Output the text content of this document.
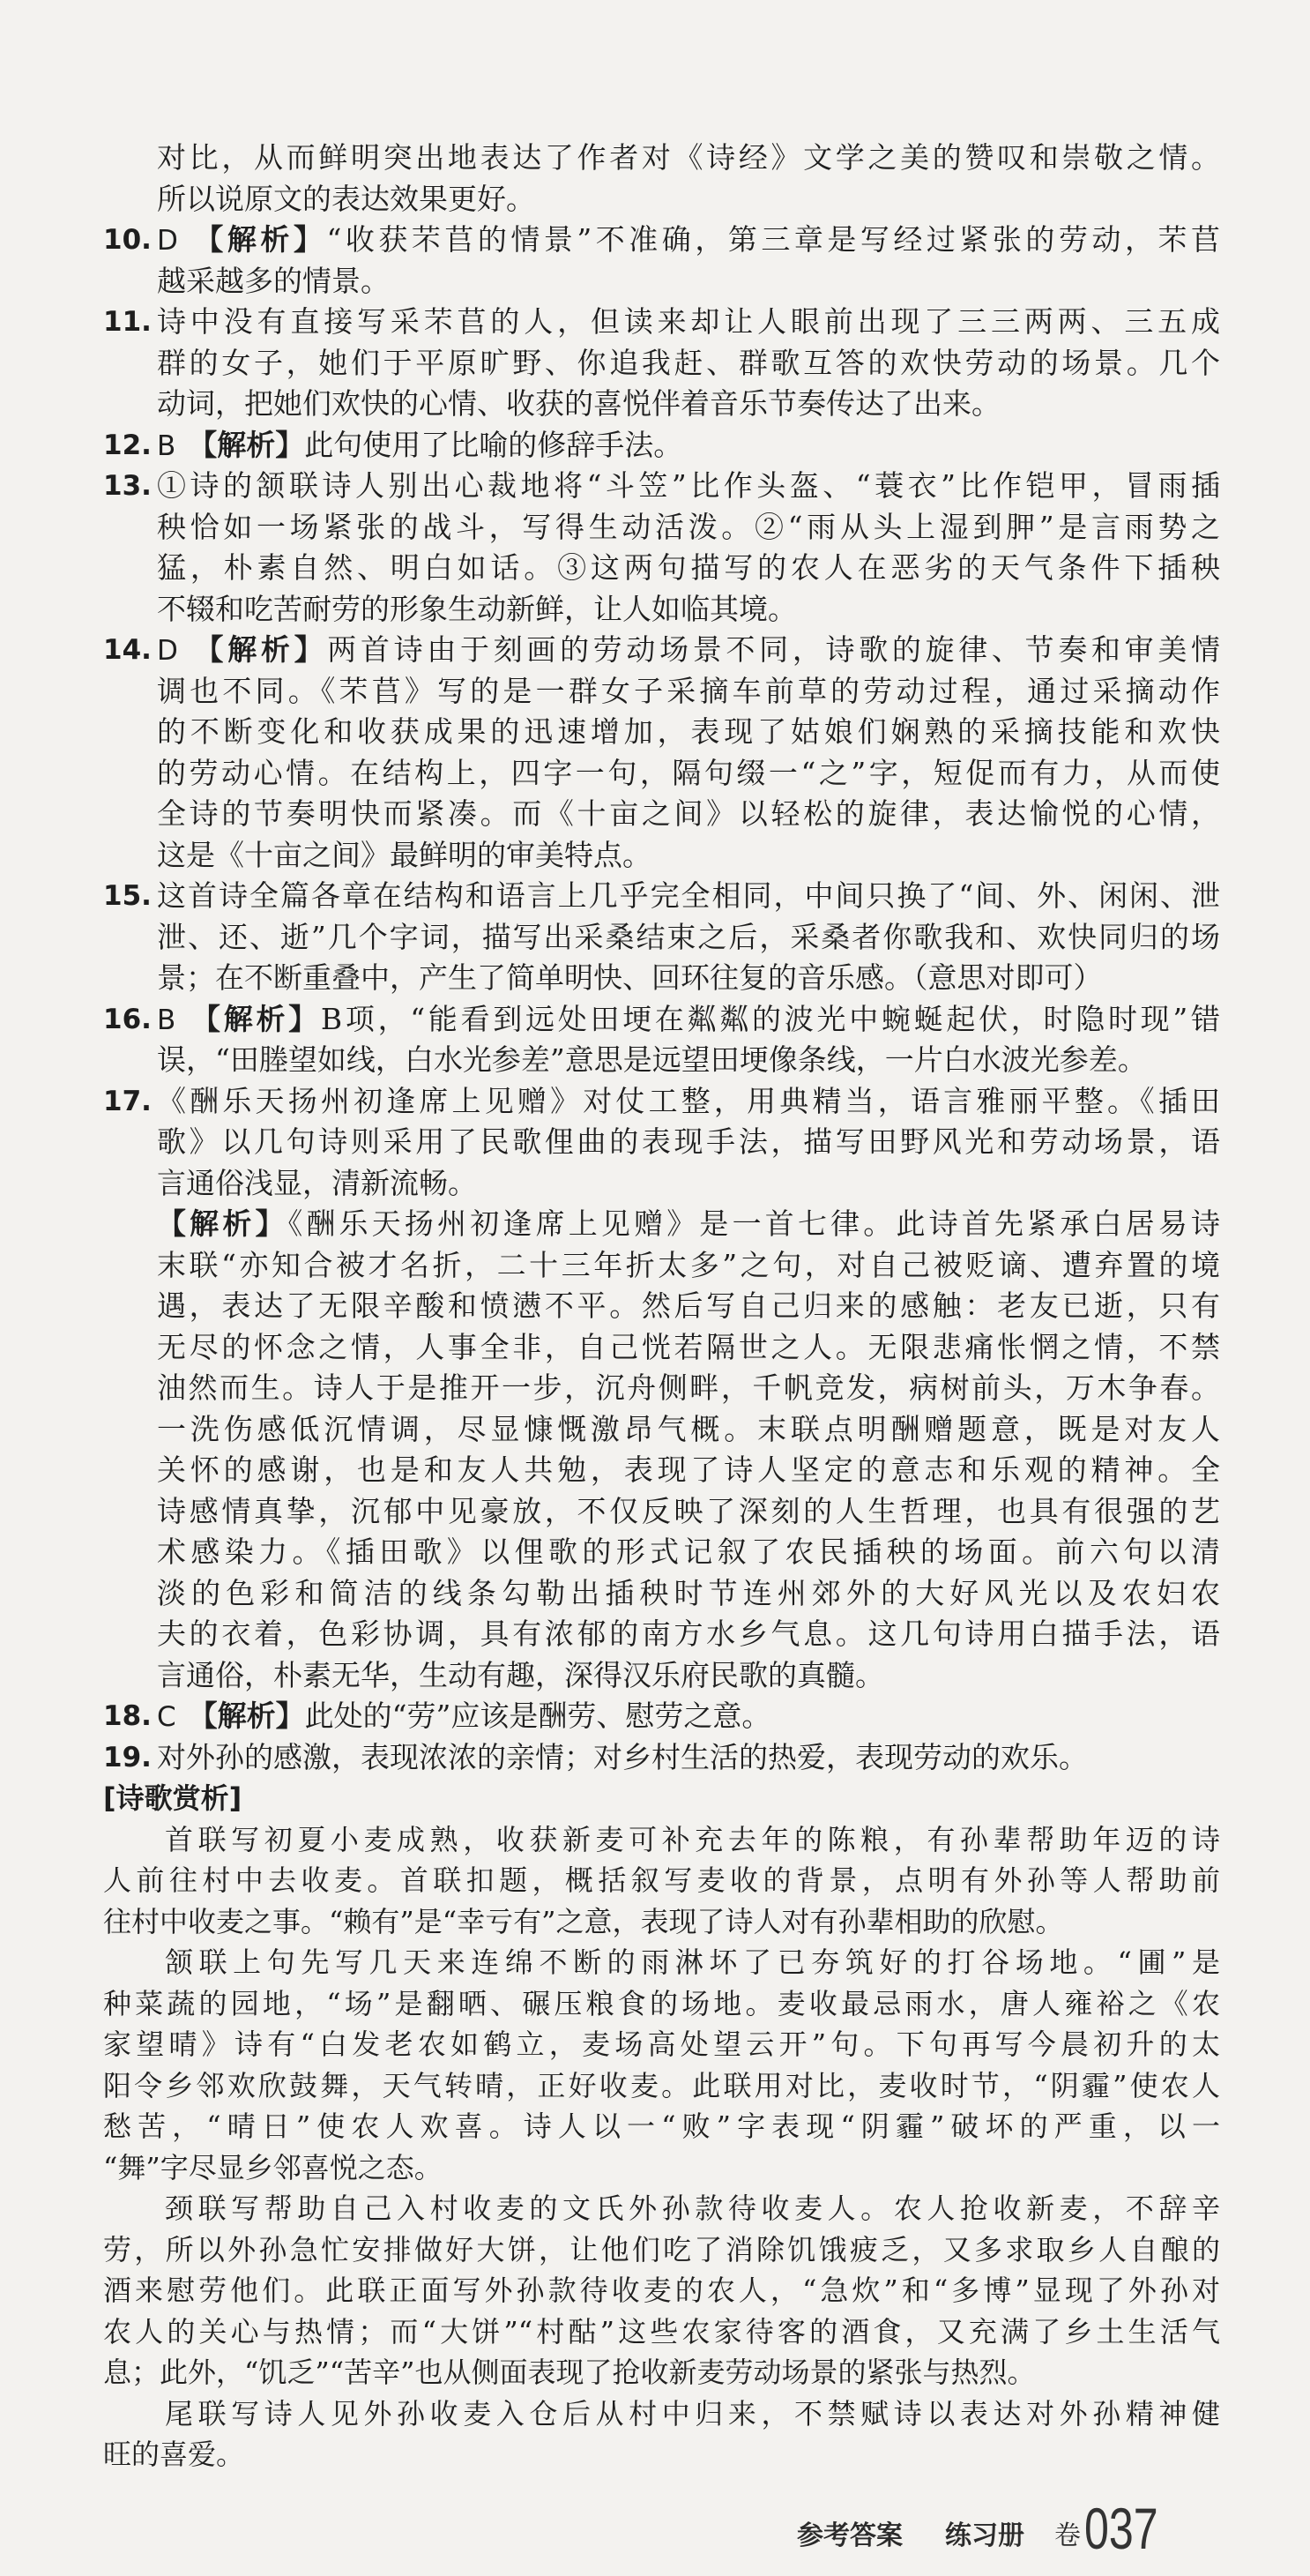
对比，从而鲜明突出地表达了作者对《诗经》文学之美的赞叹和崇敬之情。
所以说原文的表达效果更好。
10. D 【解析】“收获芣苢的情景”不准确，第三章是写经过紧张的劳动，芣苢
越采越多的情景。
11. 诗中没有直接写采芣苢的人，但读来却让人眼前出现了三三两两、三五成
群的女子，她们于平原旷野、你追我赶、群歌互答的欢快劳动的场景。几个
动词，把她们欢快的心情、收获的喜悦伴着音乐节奏传达了出来。
12. B 【解析】此句使用了比喻的修辞手法。
13. ①诗的颔联诗人别出心裁地将“斗笠”比作头盔、“蓑衣”比作铠甲，冒雨插
秧恰如一场紧张的战斗，写得生动活泼。②“雨从头上湿到胛”是言雨势之
猛，朴素自然、明白如话。③这两句描写的农人在恶劣的天气条件下插秧
不辍和吃苦耐劳的形象生动新鲜，让人如临其境。
14. D 【解析】两首诗由于刻画的劳动场景不同，诗歌的旋律、节奏和审美情
调也不同。《芣苢》写的是一群女子采摘车前草的劳动过程，通过采摘动作
的不断变化和收获成果的迅速增加，表现了姑娘们娴熟的采摘技能和欢快
的劳动心情。在结构上，四字一句，隔句缀一“之”字，短促而有力，从而使
全诗的节奏明快而紧凑。而《十亩之间》以轻松的旋律，表达愉悦的心情，
这是《十亩之间》最鲜明的审美特点。
15. 这首诗全篇各章在结构和语言上几乎完全相同，中间只换了“间、外、闲闲、泄
泄、还、逝”几个字词，描写出采桑结束之后，采桑者你歌我和、欢快同归的场
景；在不断重叠中，产生了简单明快、回环往复的音乐感。（意思对即可）
16. B 【解析】B项，“能看到远处田埂在粼粼的波光中蜿蜒起伏，时隐时现”错
误，“田塍望如线，白水光参差”意思是远望田埂像条线，一片白水波光参差。
17. 《酬乐天扬州初逢席上见赠》对仗工整，用典精当，语言雅丽平整。《插田
歌》以几句诗则采用了民歌俚曲的表现手法，描写田野风光和劳动场景，语
言通俗浅显，清新流畅。
【解析】《酬乐天扬州初逢席上见赠》是一首七律。此诗首先紧承白居易诗
末联“亦知合被才名折，二十三年折太多”之句，对自己被贬谪、遭弃置的境
遇，表达了无限辛酸和愤懑不平。然后写自己归来的感触：老友已逝，只有
无尽的怀念之情，人事全非，自己恍若隔世之人。无限悲痛怅惘之情，不禁
油然而生。诗人于是推开一步，沉舟侧畔，千帆竞发，病树前头，万木争春。
一洗伤感低沉情调，尽显慷慨激昂气概。末联点明酬赠题意，既是对友人
关怀的感谢，也是和友人共勉，表现了诗人坚定的意志和乐观的精神。全
诗感情真挚，沉郁中见豪放，不仅反映了深刻的人生哲理，也具有很强的艺
术感染力。《插田歌》以俚歌的形式记叙了农民插秧的场面。前六句以清
淡的色彩和简洁的线条勾勒出插秧时节连州郊外的大好风光以及农妇农
夫的衣着，色彩协调，具有浓郁的南方水乡气息。这几句诗用白描手法，语
言通俗，朴素无华，生动有趣，深得汉乐府民歌的真髓。
18. C 【解析】此处的“劳”应该是酬劳、慰劳之意。
19. 对外孙的感激，表现浓浓的亲情；对乡村生活的热爱，表现劳动的欢乐。
[诗歌赏析]
首联写初夏小麦成熟，收获新麦可补充去年的陈粮，有孙辈帮助年迈的诗
人前往村中去收麦。首联扣题，概括叙写麦收的背景，点明有外孙等人帮助前
往村中收麦之事。“赖有”是“幸亏有”之意，表现了诗人对有孙辈相助的欣慰。
颔联上句先写几天来连绵不断的雨淋坏了已夯筑好的打谷场地。“圃”是
种菜蔬的园地，“场”是翻晒、碾压粮食的场地。麦收最忌雨水，唐人雍裕之《农
家望晴》诗有“白发老农如鹤立，麦场高处望云开”句。下句再写今晨初升的太
阳令乡邻欢欣鼓舞，天气转晴，正好收麦。此联用对比，麦收时节，“阴霾”使农人
愁苦，“晴日”使农人欢喜。诗人以一“败”字表现“阴霾”破坏的严重，以一
“舞”字尽显乡邻喜悦之态。
颈联写帮助自己入村收麦的文氏外孙款待收麦人。农人抢收新麦，不辞辛
劳，所以外孙急忙安排做好大饼，让他们吃了消除饥饿疲乏，又多求取乡人自酿的
酒来慰劳他们。此联正面写外孙款待收麦的农人，“急炊”和“多博”显现了外孙对
农人的关心与热情；而“大饼”“村酤”这些农家待客的酒食，又充满了乡土生活气
息；此外，“饥乏”“苦辛”也从侧面表现了抢收新麦劳动场景的紧张与热烈。
尾联写诗人见外孙收麦入仓后从村中归来，不禁赋诗以表达对外孙精神健
旺的喜爱。
参考答案 练习册 卷 037
